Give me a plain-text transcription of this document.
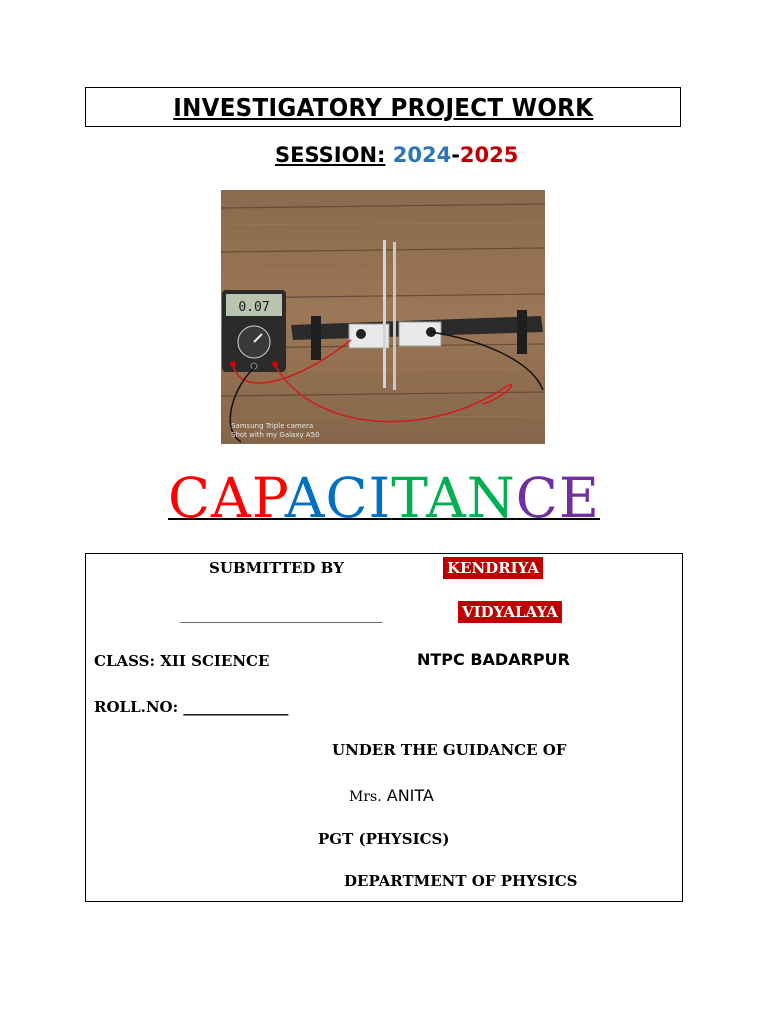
INVESTIGATORY PROJECT WORK
SESSION: 2024-2025
0.07
Samsung Triple camera
Shot with my Galaxy A50
CAPACITANCE
SUBMITTED BY	KENDRIYA
___________________________	VIDYALAYA
CLASS: XII SCIENCE	NTPC BADARPUR
ROLL.NO: ______________
UNDER THE GUIDANCE OF
Mrs. ANITA
PGT (PHYSICS)
DEPARTMENT OF PHYSICS
